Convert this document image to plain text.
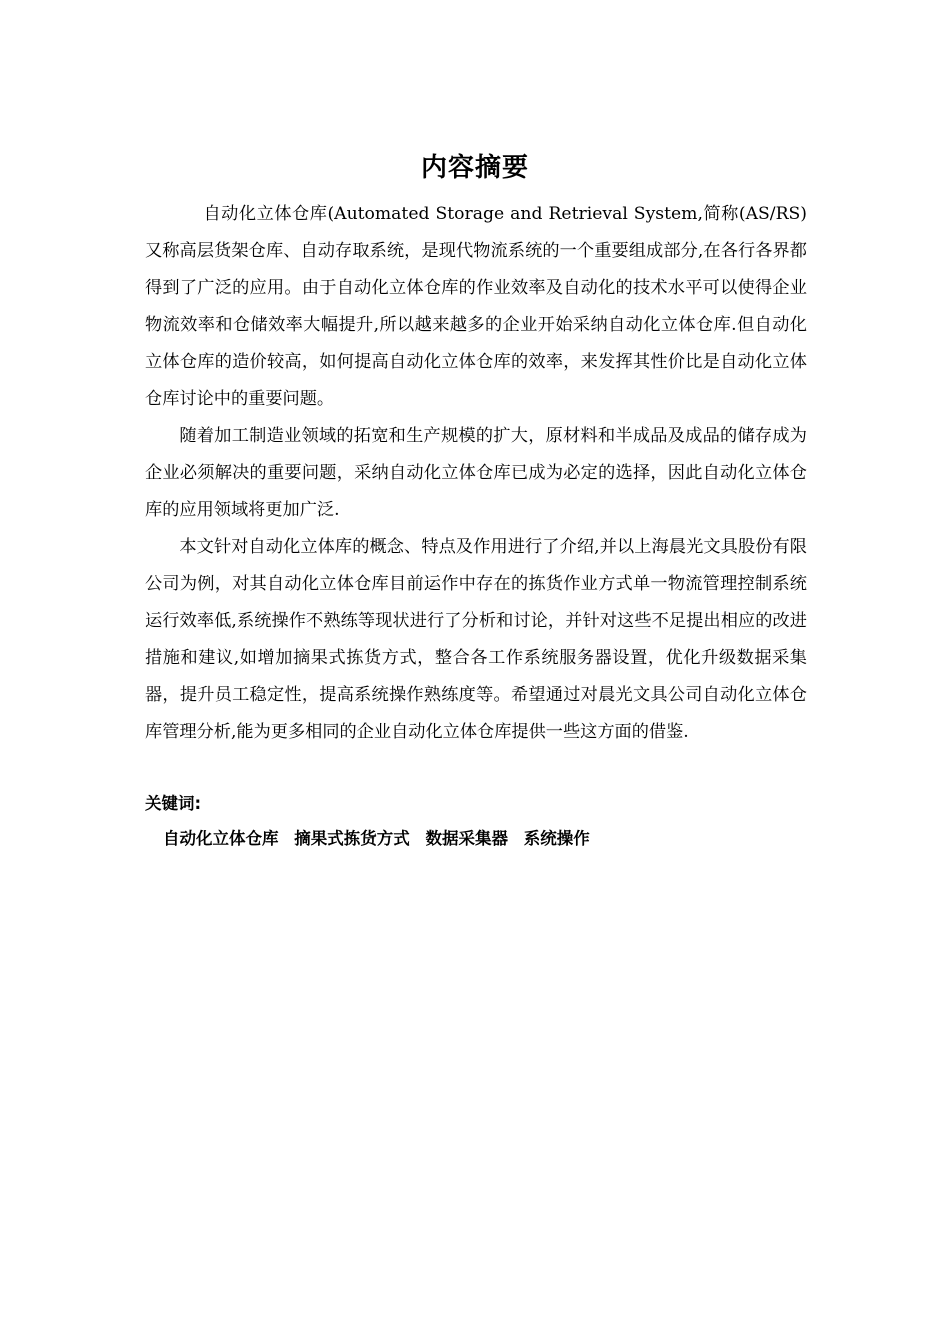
内容摘要

自动化立体仓库(Automated Storage and Retrieval System,简称(AS/RS)又称高层货架仓库、自动存取系统，是现代物流系统的一个重要组成部分,在各行各界都得到了广泛的应用。由于自动化立体仓库的作业效率及自动化的技术水平可以使得企业物流效率和仓储效率大幅提升,所以越来越多的企业开始采纳自动化立体仓库.但自动化立体仓库的造价较高，如何提高自动化立体仓库的效率，来发挥其性价比是自动化立体仓库讨论中的重要问题。

随着加工制造业领域的拓宽和生产规模的扩大，原材料和半成品及成品的储存成为企业必须解决的重要问题，采纳自动化立体仓库已成为必定的选择，因此自动化立体仓库的应用领域将更加广泛.

本文针对自动化立体库的概念、特点及作用进行了介绍,并以上海晨光文具股份有限公司为例，对其自动化立体仓库目前运作中存在的拣货作业方式单一物流管理控制系统运行效率低,系统操作不熟练等现状进行了分析和讨论，并针对这些不足提出相应的改进措施和建议,如增加摘果式拣货方式，整合各工作系统服务器设置，优化升级数据采集器，提升员工稳定性，提高系统操作熟练度等。希望通过对晨光文具公司自动化立体仓库管理分析,能为更多相同的企业自动化立体仓库提供一些这方面的借鉴.

关键词:
自动化立体仓库 摘果式拣货方式 数据采集器 系统操作
